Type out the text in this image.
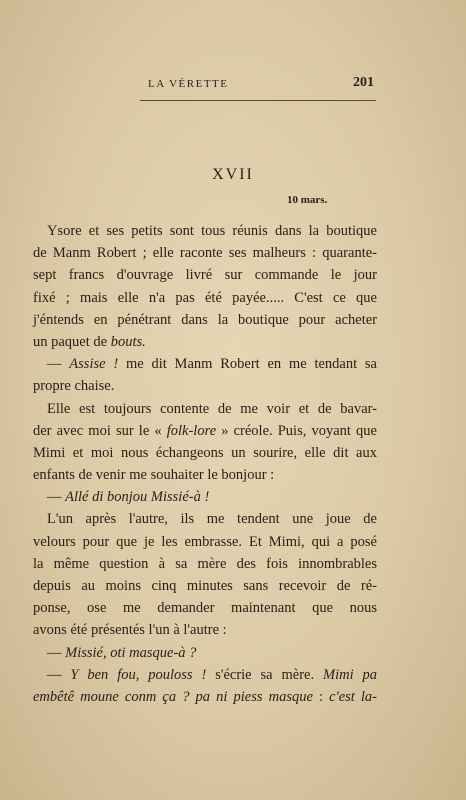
LA VÉRETTE	201
XVII
10 mars.
Ysore et ses petits sont tous réunis dans la boutique
de Manm Robert ; elle raconte ses malheurs : quarante-
sept francs d'ouvrage livré sur commande le jour
fixé ; mais elle n'a pas été payée..... C'est ce que
j'éntends en pénétrant dans la boutique pour acheter
un paquet de bouts.
— Assise ! me dit Manm Robert en me tendant sa
propre chaise.
Elle est toujours contente de me voir et de bavar-
der avec moi sur le « folk-lore » créole. Puis, voyant que
Mimi et moi nous échangeons un sourire, elle dit aux
enfants de venir me souhaiter le bonjour :
— Allé di bonjou Missié-à !
L'un après l'autre, ils me tendent une joue de
velours pour que je les embrasse. Et Mimi, qui a posé
la même question à sa mère des fois innombrables
depuis au moins cinq minutes sans recevoir de ré-
ponse, ose me demander maintenant que nous
avons été présentés l'un à l'autre :
— Missié, oti masque-à ?
— Y ben fou, pouloss ! s'écrie sa mère. Mimi pa
embêtê moune conm ça ? pa ni piess masque : c'est la-
